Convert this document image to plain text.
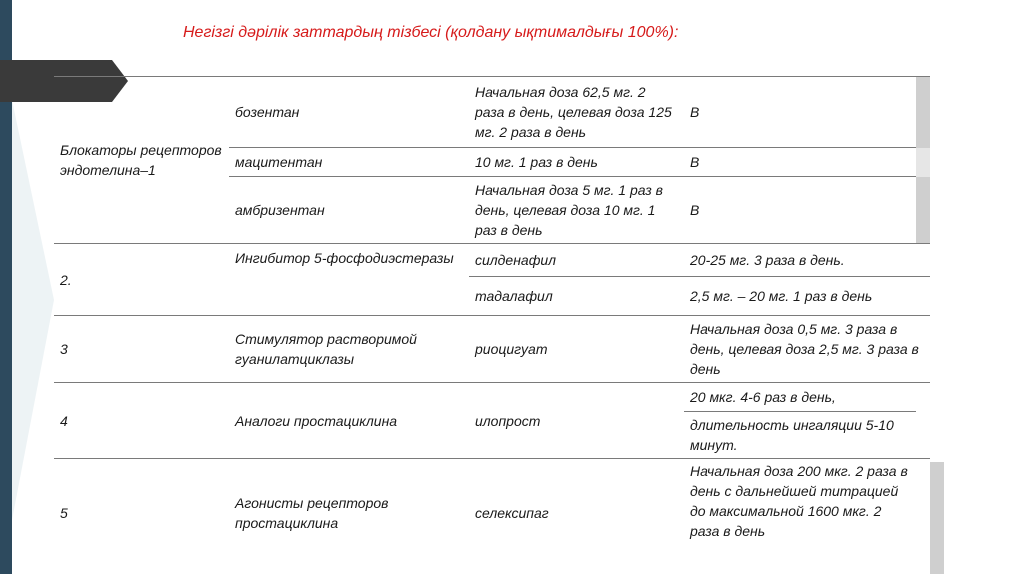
Негізгі дәрілік заттардың тізбесі (қолдану ықтималдығы 100%):
Блокаторы рецепторов эндотелина–1	бозентан	Начальная доза 62,5 мг. 2 раза в день, целевая доза 125 мг. 2 раза в день	В	
	мацитентан	10 мг. 1 раз в день	В	
	амбризентан	Начальная доза 5 мг. 1 раз в день, целевая доза 10 мг. 1 раз в день	В	
2.	Ингибитор 5-фосфодиэстеразы	силденафил	20-25 мг. 3 раза в день.	
		тадалафил	2,5 мг. – 20 мг. 1 раз в день	
3	Стимулятор растворимой гуанилатциклазы	риоцигуат	Начальная доза 0,5 мг. 3 раза в день, целевая доза 2,5 мг. 3 раза в день	
4	Аналоги простациклина	илопрост	20 мкг. 4-6 раз в день,	
			длительность ингаляции 5-10 минут.	
5	Агонисты рецепторов простациклина	селексипаг	Начальная доза 200 мкг. 2 раза в день с дальнейшей титрацией до максимальной 1600 мкг. 2 раза в день	
